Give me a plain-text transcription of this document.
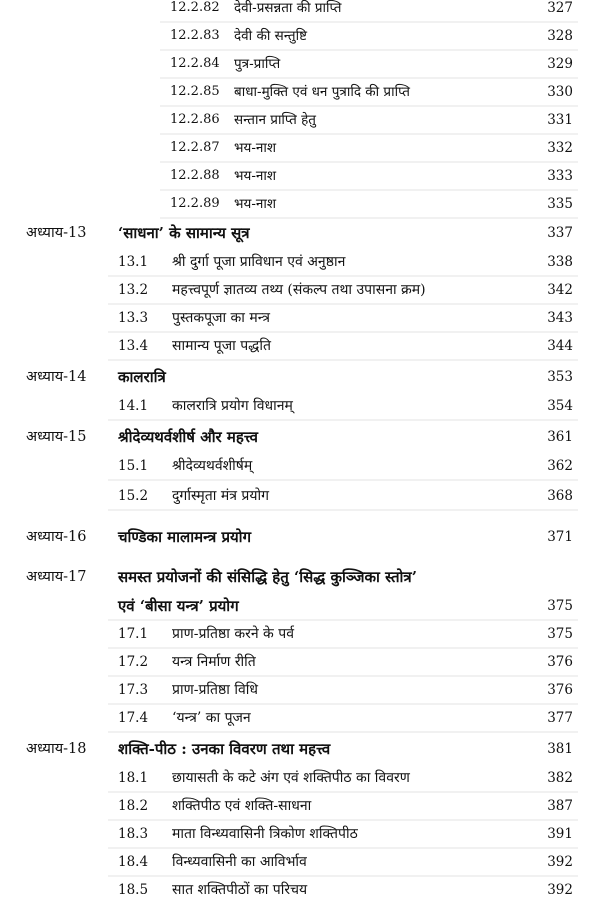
12.2.82 देवी-प्रसन्नता की प्राप्ति	327
12.2.83 देवी की सन्तुष्टि	328
12.2.84 पुत्र-प्राप्ति	329
12.2.85 बाधा-मुक्ति एवं धन पुत्रादि की प्राप्ति	330
12.2.86 सन्तान प्राप्ति हेतु	331
12.2.87 भय-नाश	332
12.2.88 भय-नाश	333
12.2.89 भय-नाश	335
अध्याय-13 ‘साधना’ के सामान्य सूत्र	337
13.1 श्री दुर्गा पूजा प्राविधान एवं अनुष्ठान	338
13.2 महत्त्वपूर्ण ज्ञातव्य तथ्य (संकल्प तथा उपासना क्रम)	342
13.3 पुस्तकपूजा का मन्त्र	343
13.4 सामान्य पूजा पद्धति	344
अध्याय-14 कालरात्रि	353
14.1 कालरात्रि प्रयोग विधानम्	354
अध्याय-15 श्रीदेव्यथर्वशीर्ष और महत्त्व	361
15.1 श्रीदेव्यथर्वशीर्षम्	362
15.2 दुर्गास्मृता मंत्र प्रयोग	368
अध्याय-16 चण्डिका मालामन्त्र प्रयोग	371
अध्याय-17 समस्त प्रयोजनों की संसिद्धि हेतु ‘सिद्ध कुञ्जिका स्तोत्र’
एवं ‘बीसा यन्त्र’ प्रयोग	375
17.1 प्राण-प्रतिष्ठा करने के पर्व	375
17.2 यन्त्र निर्माण रीति	376
17.3 प्राण-प्रतिष्ठा विधि	376
17.4 ‘यन्त्र’ का पूजन	377
अध्याय-18 शक्ति-पीठ : उनका विवरण तथा महत्त्व	381
18.1 छायासती के कटे अंग एवं शक्तिपीठ का विवरण	382
18.2 शक्तिपीठ एवं शक्ति-साधना	387
18.3 माता विन्ध्यवासिनी त्रिकोण शक्तिपीठ	391
18.4 विन्ध्यवासिनी का आविर्भाव	392
18.5 सात शक्तिपीठों का परिचय	392
